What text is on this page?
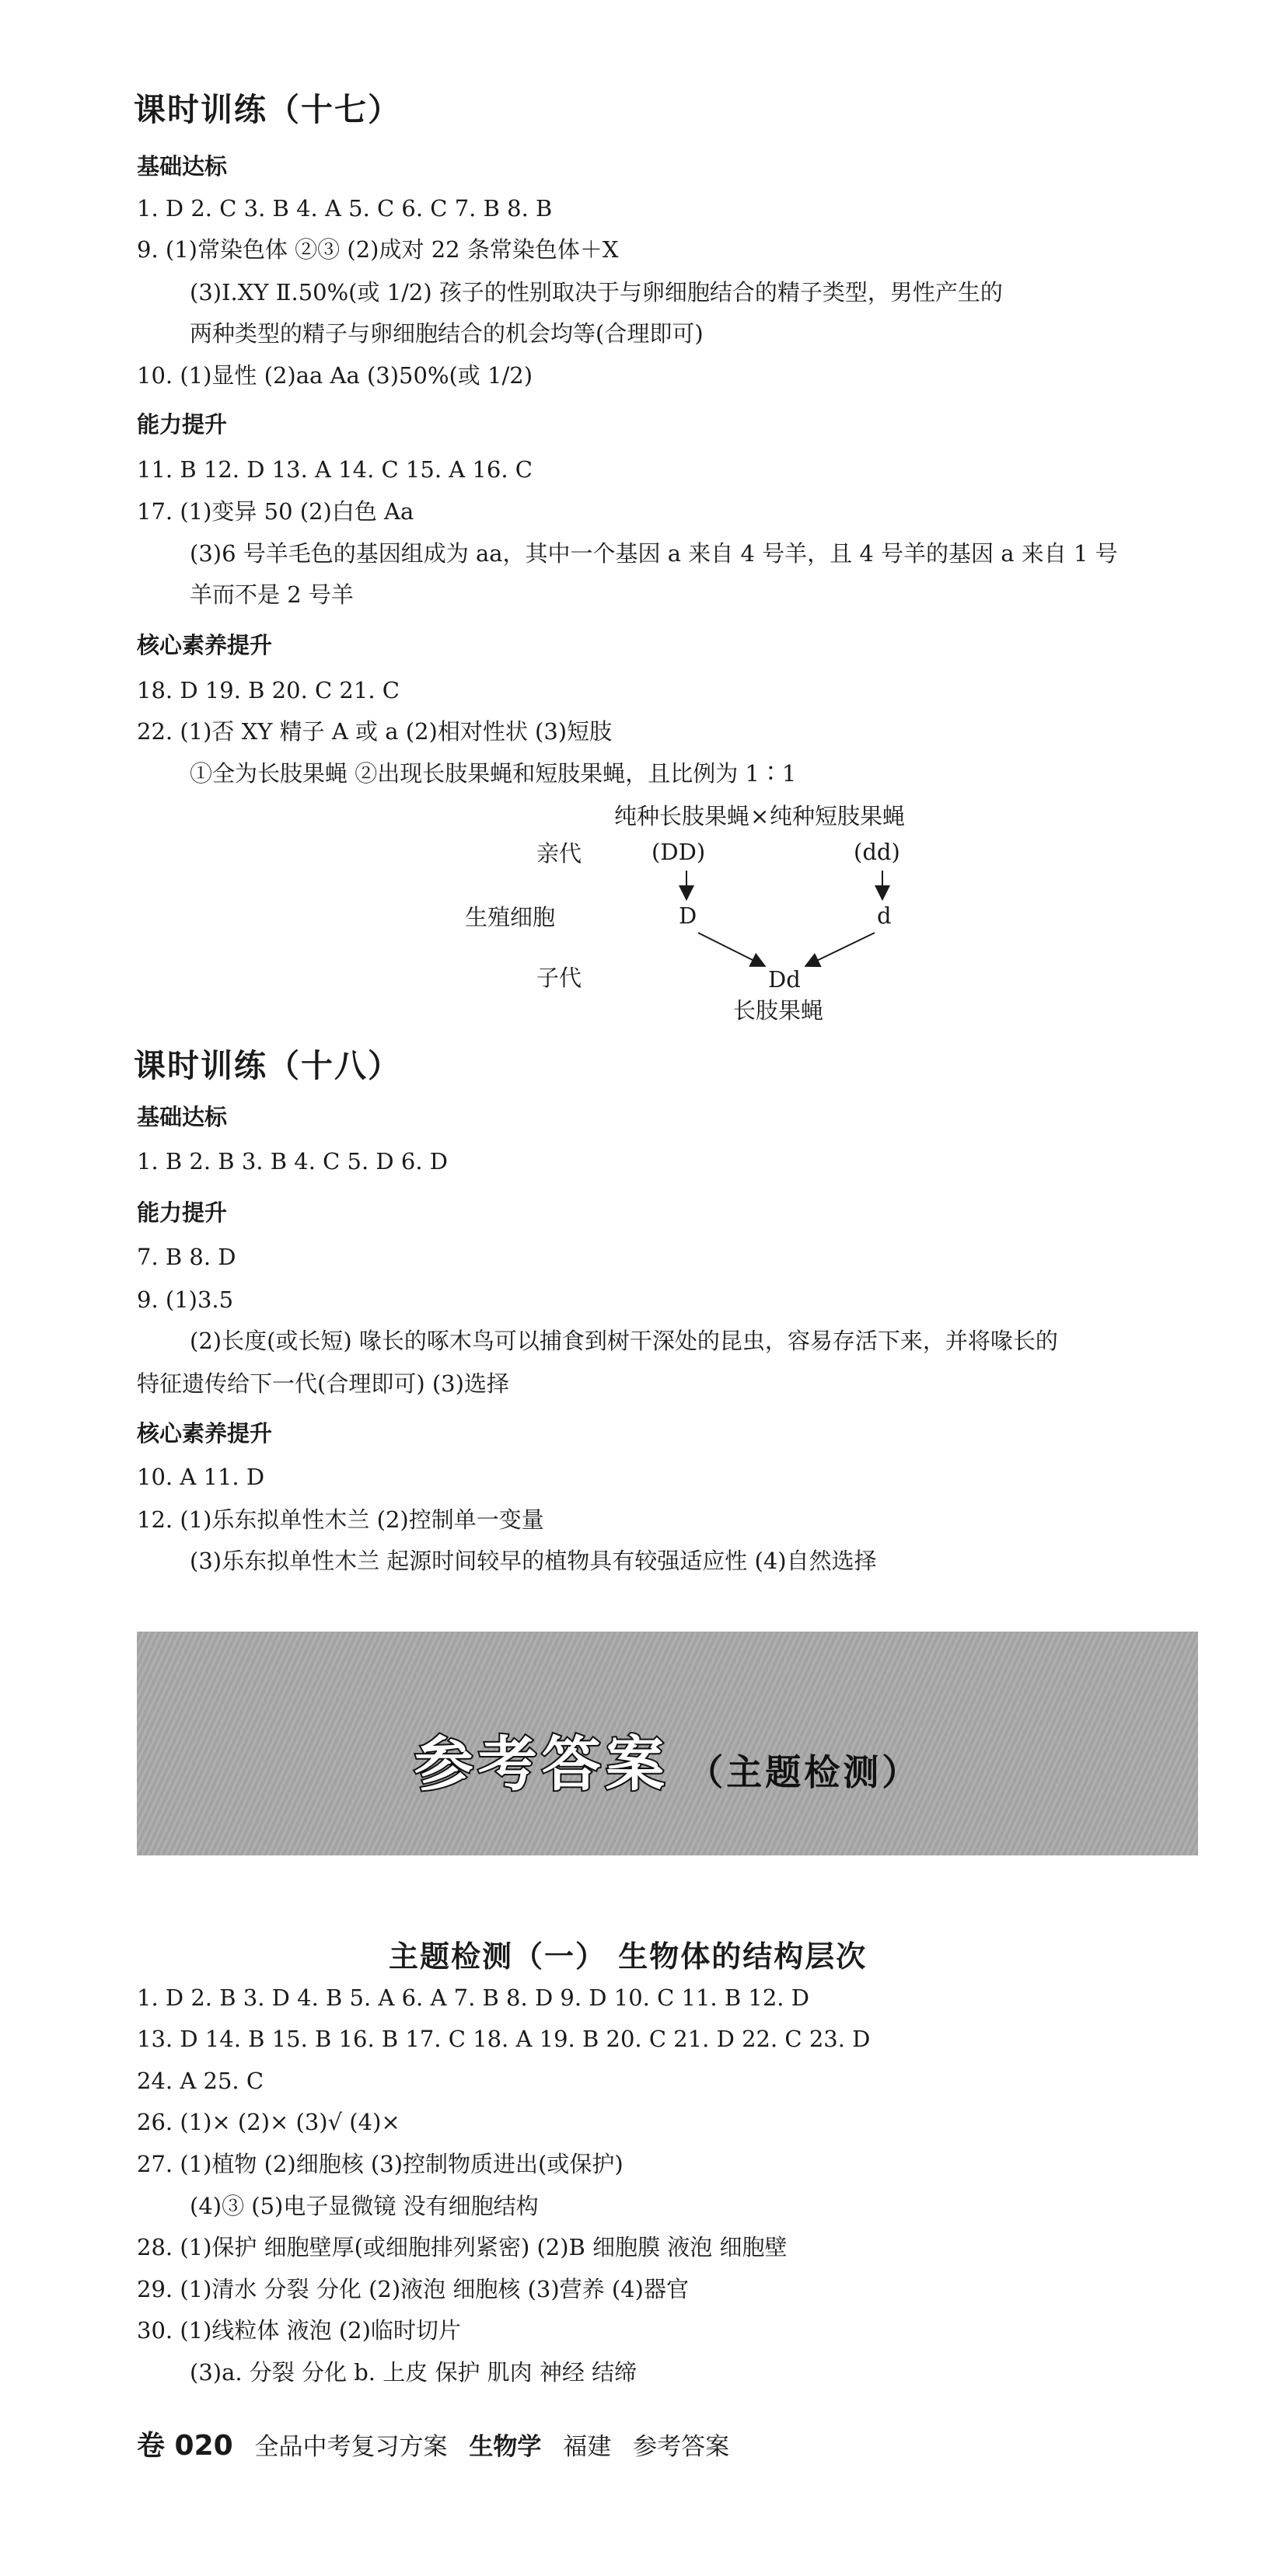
课时训练（十七）
基础达标
1. D 2. C 3. B 4. A 5. C 6. C 7. B 8. B
9. (1)常染色体 ②③ (2)成对 22 条常染色体＋X
(3)Ⅰ.XY Ⅱ.50%(或 1/2) 孩子的性别取决于与卵细胞结合的精子类型，男性产生的
两种类型的精子与卵细胞结合的机会均等(合理即可)
10. (1)显性 (2)aa Aa (3)50%(或 1/2)
能力提升
11. B 12. D 13. A 14. C 15. A 16. C
17. (1)变异 50 (2)白色 Aa
(3)6 号羊毛色的基因组成为 aa，其中一个基因 a 来自 4 号羊，且 4 号羊的基因 a 来自 1 号
羊而不是 2 号羊
核心素养提升
18. D 19. B 20. C 21. C
22. (1)否 XY 精子 A 或 a (2)相对性状 (3)短肢
①全为长肢果蝇 ②出现长肢果蝇和短肢果蝇，且比例为 1∶1
纯种长肢果蝇 × 纯种短肢果蝇
亲代	(DD)	(dd)
生殖细胞	D	d
子代	Dd
长肢果蝇
课时训练（十八）
基础达标
1. B 2. B 3. B 4. C 5. D 6. D
能力提升
7. B 8. D
9. (1)3.5
(2)长度(或长短) 喙长的啄木鸟可以捕食到树干深处的昆虫，容易存活下来，并将喙长的
特征遗传给下一代(合理即可) (3)选择
核心素养提升
10. A 11. D
12. (1)乐东拟单性木兰 (2)控制单一变量
(3)乐东拟单性木兰 起源时间较早的植物具有较强适应性 (4)自然选择
参考答案 （主题检测）
主题检测（一） 生物体的结构层次
1. D 2. B 3. D 4. B 5. A 6. A 7. B 8. D 9. D 10. C 11. B 12. D
13. D 14. B 15. B 16. B 17. C 18. A 19. B 20. C 21. D 22. C 23. D
24. A 25. C
26. (1)× (2)× (3)√ (4)×
27. (1)植物 (2)细胞核 (3)控制物质进出(或保护)
(4)③ (5)电子显微镜 没有细胞结构
28. (1)保护 细胞壁厚(或细胞排列紧密) (2)B 细胞膜 液泡 细胞壁
29. (1)清水 分裂 分化 (2)液泡 细胞核 (3)营养 (4)器官
30. (1)线粒体 液泡 (2)临时切片
(3)a. 分裂 分化 b. 上皮 保护 肌肉 神经 结缔
卷 020 全品中考复习方案 生物学 福建 参考答案
